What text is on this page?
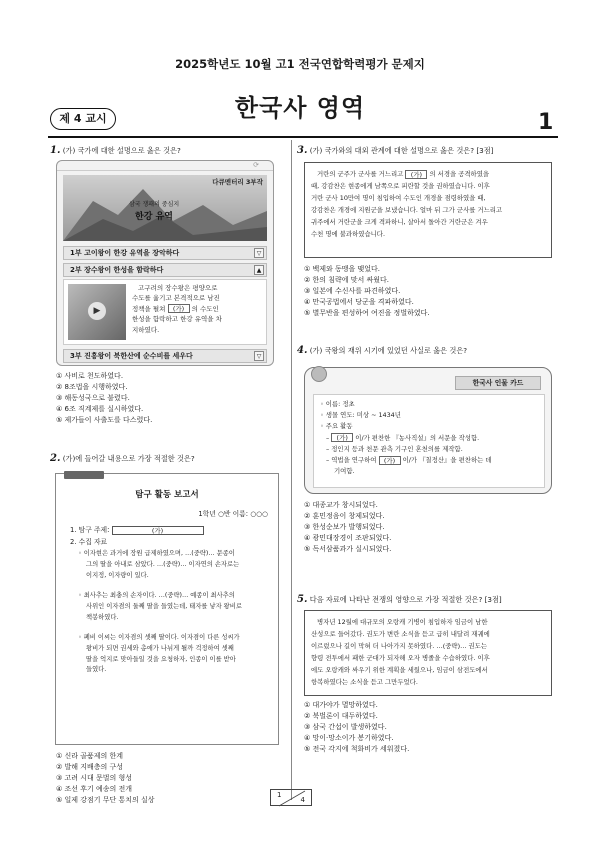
2025학년도 10월 고1 전국연합학력평가 문제지
제 4 교시	한국사 영역
1
1. (가) 국가에 대한 설명으로 옳은 것은?
⟳
다큐멘터리 3부작
삼국 쟁패의 중심지
한강 유역
1부 고이왕이 한강 유역을 장악하다	▽
2부 장수왕이 한성을 함락하다	▲
▶
고구려의 장수왕은 평양으로
수도를 옮기고 본격적으로 남진
정책을 펼쳐 (가) 의 수도인
한성을 함락하고 한강 유역을 차
지하였다.
3부 진흥왕이 북한산에 순수비를 세우다	▽
① 사비로 천도하였다.
② 8조법을 시행하였다.
③ 해동성국으로 불렸다.
④ 6조 직계제를 실시하였다.
⑤ 제가들이 사출도를 다스렸다.
2. (가)에 들어갈 내용으로 가장 적절한 것은?
탐구 활동 보고서
1학년 ○반 이름: ○○○
1. 탐구 주제:	(가)
2. 수집 자료
◦ 이자현은 과거에 장원 급제하였으며, …(중략)… 문종이
그의 딸을 아내로 삼았다. …(중략)… 이자연의 손자로는
이지정, 이자량이 있다.
◦ 최사추는 최충의 손자이다. …(중략)… 예종이 최사추의
사위인 이자겸의 둘째 딸을 들였는데, 태자를 낳자 왕비로
책봉하였다.
◦ 폐비 이씨는 이자겸의 셋째 딸이다. 이자겸이 다른 성씨가
왕비가 되면 권세와 총애가 나뉘게 될까 걱정하여 셋째
딸을 억지로 맞아들일 것을 요청하자, 인종이 이를 받아
들였다.
① 신라 골품제의 한계
② 발해 지배층의 구성
③ 고려 시대 문벌의 형성
④ 조선 후기 예송의 전개
⑤ 일제 강점기 무단 통치의 실상
3. (가) 국가와의 대외 관계에 대한 설명으로 옳은 것은? [3점]
거란의 군주가 군사를 거느리고 (가) 의 서경을 공격하였을
때, 강감찬은 현종에게 남쪽으로 피란할 것을 권하였습니다. 이후
거란 군사 10만여 명이 침입하여 수도인 개경을 점령하였을 때,
강감찬은 개경에 지원군을 보냈습니다. 얼마 뒤 그가 군사를 거느리고
귀주에서 거란군을 크게 격파하니, 살아서 돌아간 거란군은 겨우
수천 명에 불과하였습니다.
① 백제와 동맹을 맺었다.
② 한의 침략에 맞서 싸웠다.
③ 일본에 수신사를 파견하였다.
④ 만국공법에서 당군을 격파하였다.
⑤ 별무반을 편성하여 여진을 정벌하였다.
4. (가) 국왕의 재위 시기에 있었던 사실로 옳은 것은?
한국사 인물 카드
◦ 이름: 정초
◦ 생몰 연도: 미상 ~ 1434년
◦ 주요 활동
– (가) 이/가 편찬한 『농사직설』의 서문을 작성함.
– 정인지 등과 천문 관측 기구인 혼천의를 제작함.
– 역법을 연구하여 (가) 이/가 『칠정산』을 편찬하는 데
기여함.
① 대종교가 창시되었다.
② 훈민정음이 창제되었다.
③ 한성순보가 발행되었다.
④ 광민대장경이 조판되었다.
⑤ 독서삼품과가 실시되었다.
5. 다음 자료에 나타난 전쟁의 영향으로 가장 적절한 것은? [3점]
병자년 12월에 대규모의 오랑캐 기병이 침입하자 임금이 남한
산성으로 들어갔다. 권도가 변란 소식을 듣고 급히 내달려 재궤에
이르렀으나 길이 막혀 더 나아가지 못하였다. …(중략)… 권도는
향령 전투에서 패한 군대가 되자해 오자 병졸을 수습하였다. 이후
에도 오랑캐와 싸우기 위한 계획을 세웠으나, 임금이 삼전도에서
항복하였다는 소식을 듣고 그만두었다.
① 대가야가 멸망하였다.
② 북벌론이 대두하였다.
③ 삼국 간섭이 발생하였다.
④ 망이·망소이가 봉기하였다.
⑤ 전국 각지에 척화비가 세워졌다.
1
4
